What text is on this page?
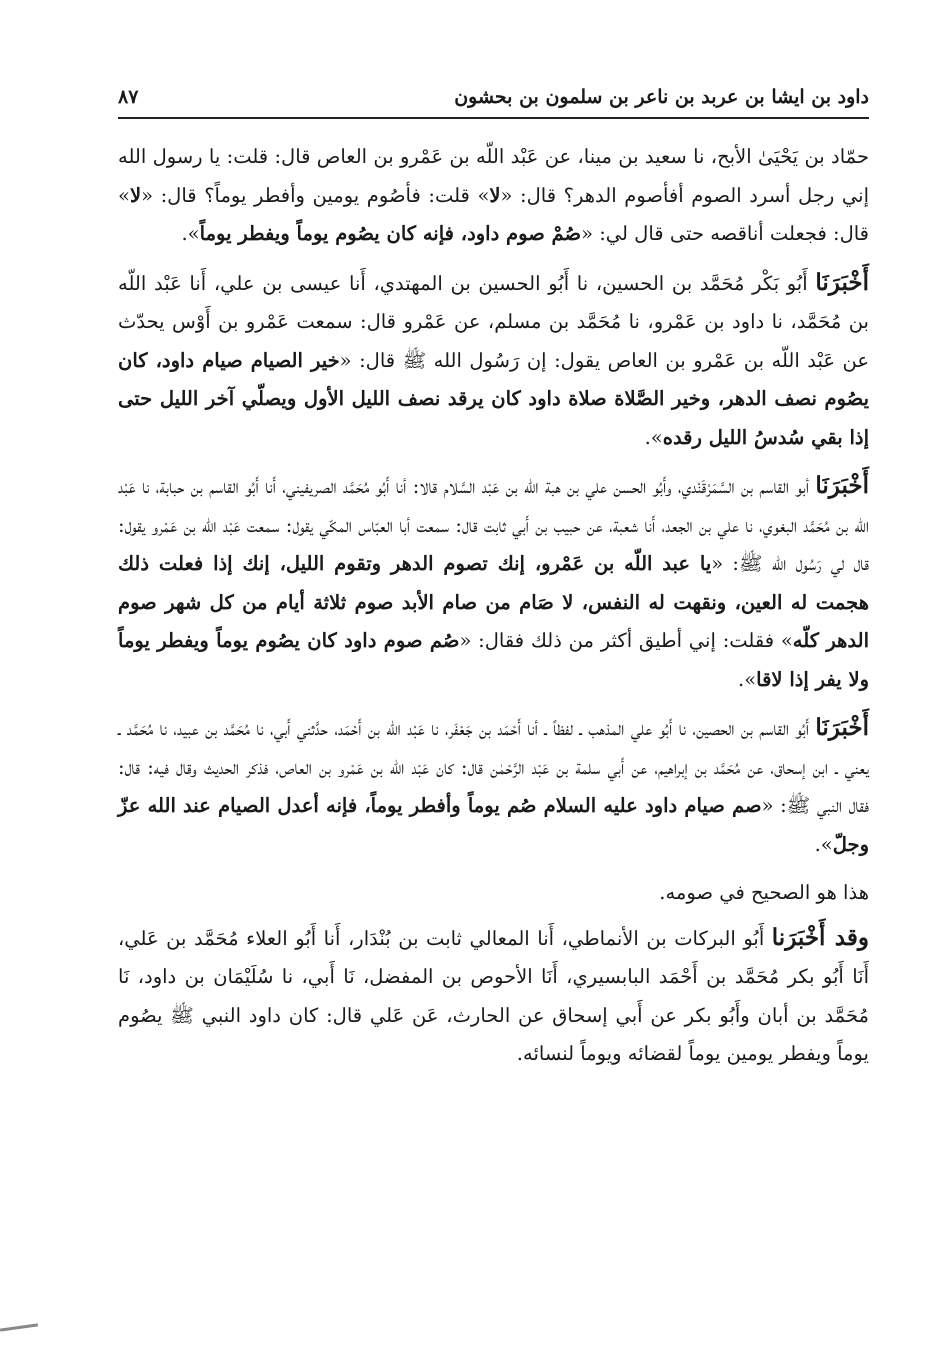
داود بن ايشا بن عربد بن ناعر بن سلمون بن بحشون
٨٧

حمّاد بن يَحْيَىٰ الأبح، نا سعيد بن مينا، عن عَبْد اللّه بن عَمْرو بن العاص قال: قلت: يا رسول الله إني رجل أسرد الصوم أفأصوم الدهر؟ قال: «لا» قلت: فأصُوم يومين وأفطر يوماً؟ قال: «لا» قال: فجعلت أناقصه حتى قال لي: «صُمْ صوم داود، فإنه كان يصُوم يوماً ويفطر يوماً».

أَخْبَرَنَا أَبُو بَكْر مُحَمَّد بن الحسين، نا أَبُو الحسين بن المهتدي، أَنا عيسى بن علي، أَنا عَبْد اللّه بن مُحَمَّد، نا داود بن عَمْرو، نا مُحَمَّد بن مسلم، عن عَمْرو قال: سمعت عَمْرو بن أَوْس يحدّث عن عَبْد اللّه بن عَمْرو بن العاص يقول: إن رَسُول الله ﷺ قال: «خير الصيام صيام داود، كان يصُوم نصف الدهر، وخير الصَّلاة صلاة داود كان يرقد نصف الليل الأول ويصلّي آخر الليل حتى إذا بقي سُدسُ الليل رقده».

أَخْبَرَنَا أبو القاسم بن السَّمَرْقَنْدي، وأَبُو الحسن علي بن هبة اللّه بن عَبْد السَّلام قالا: أنا أَبُو مُحَمَّد الصريفيني، أَنا أَبُو القاسم بن حبابة، نا عَبْد اللّه بن مُحَمَّد البغوي، نا علي بن الجعد، أَنا شعبة، عن حبيب بن أَبي ثابت قال: سمعت أبا العبّاس المكّي يقول: سمعت عَبْد اللّه بن عَمْرو يقول: قال لي رَسُول الله ﷺ: «يا عبد اللّه بن عَمْرو، إنك تصوم الدهر وتقوم الليل، إنك إذا فعلت ذلك هجمت له العين، ونقهت له النفس، لا صَام من صام الأبد صوم ثلاثة أيام من كل شهر صوم الدهر كلّه» فقلت: إني أطيق أكثر من ذلك فقال: «صُم صوم داود كان يصُوم يوماً ويفطر يوماً ولا يفر إذا لاقا».

أَخْبَرَنَا أَبُو القاسم بن الحصين، نا أَبُو علي المذهب ـ لفظاً ـ أنا أَحْمَد بن جَعْفَر، نا عَبْد اللّه بن أَحْمَد، حدَّثني أَبي، نا مُحَمَّد بن عبيد، نا مُحَمَّد ـ يعني ـ ابن إسحاق، عن مُحَمَّد بن إبراهيم، عن أَبي سلمة بن عَبْد الرَّحْمٰن قال: كان عَبْد اللّه بن عَمْرو بن العاص، فذكر الحديث وقال فيه: قال: فقال النبي ﷺ: «صم صيام داود عليه السلام صُم يوماً وأفطر يوماً، فإنه أعدل الصيام عند الله عزّ وجلّ».

هذا هو الصحيح في صومه.

وقد أَخْبَرَنا أَبُو البركات بن الأنماطي، أَنا المعالي ثابت بن بُنْدَار، أَنا أَبُو العلاء مُحَمَّد بن عَلي، أَنَا أَبُو بكر مُحَمَّد بن أَحْمَد البابسيري، أَنَا الأحوص بن المفضل، نَا أَبي، نا سُلَيْمَان بن داود، نَا مُحَمَّد بن أبان وأَبُو بكر عن أَبي إسحاق عن الحارث، عَن عَلي قال: كان داود النبي ﷺ يصُوم يوماً ويفطر يومين يوماً لقضائه ويوماً لنسائه.
